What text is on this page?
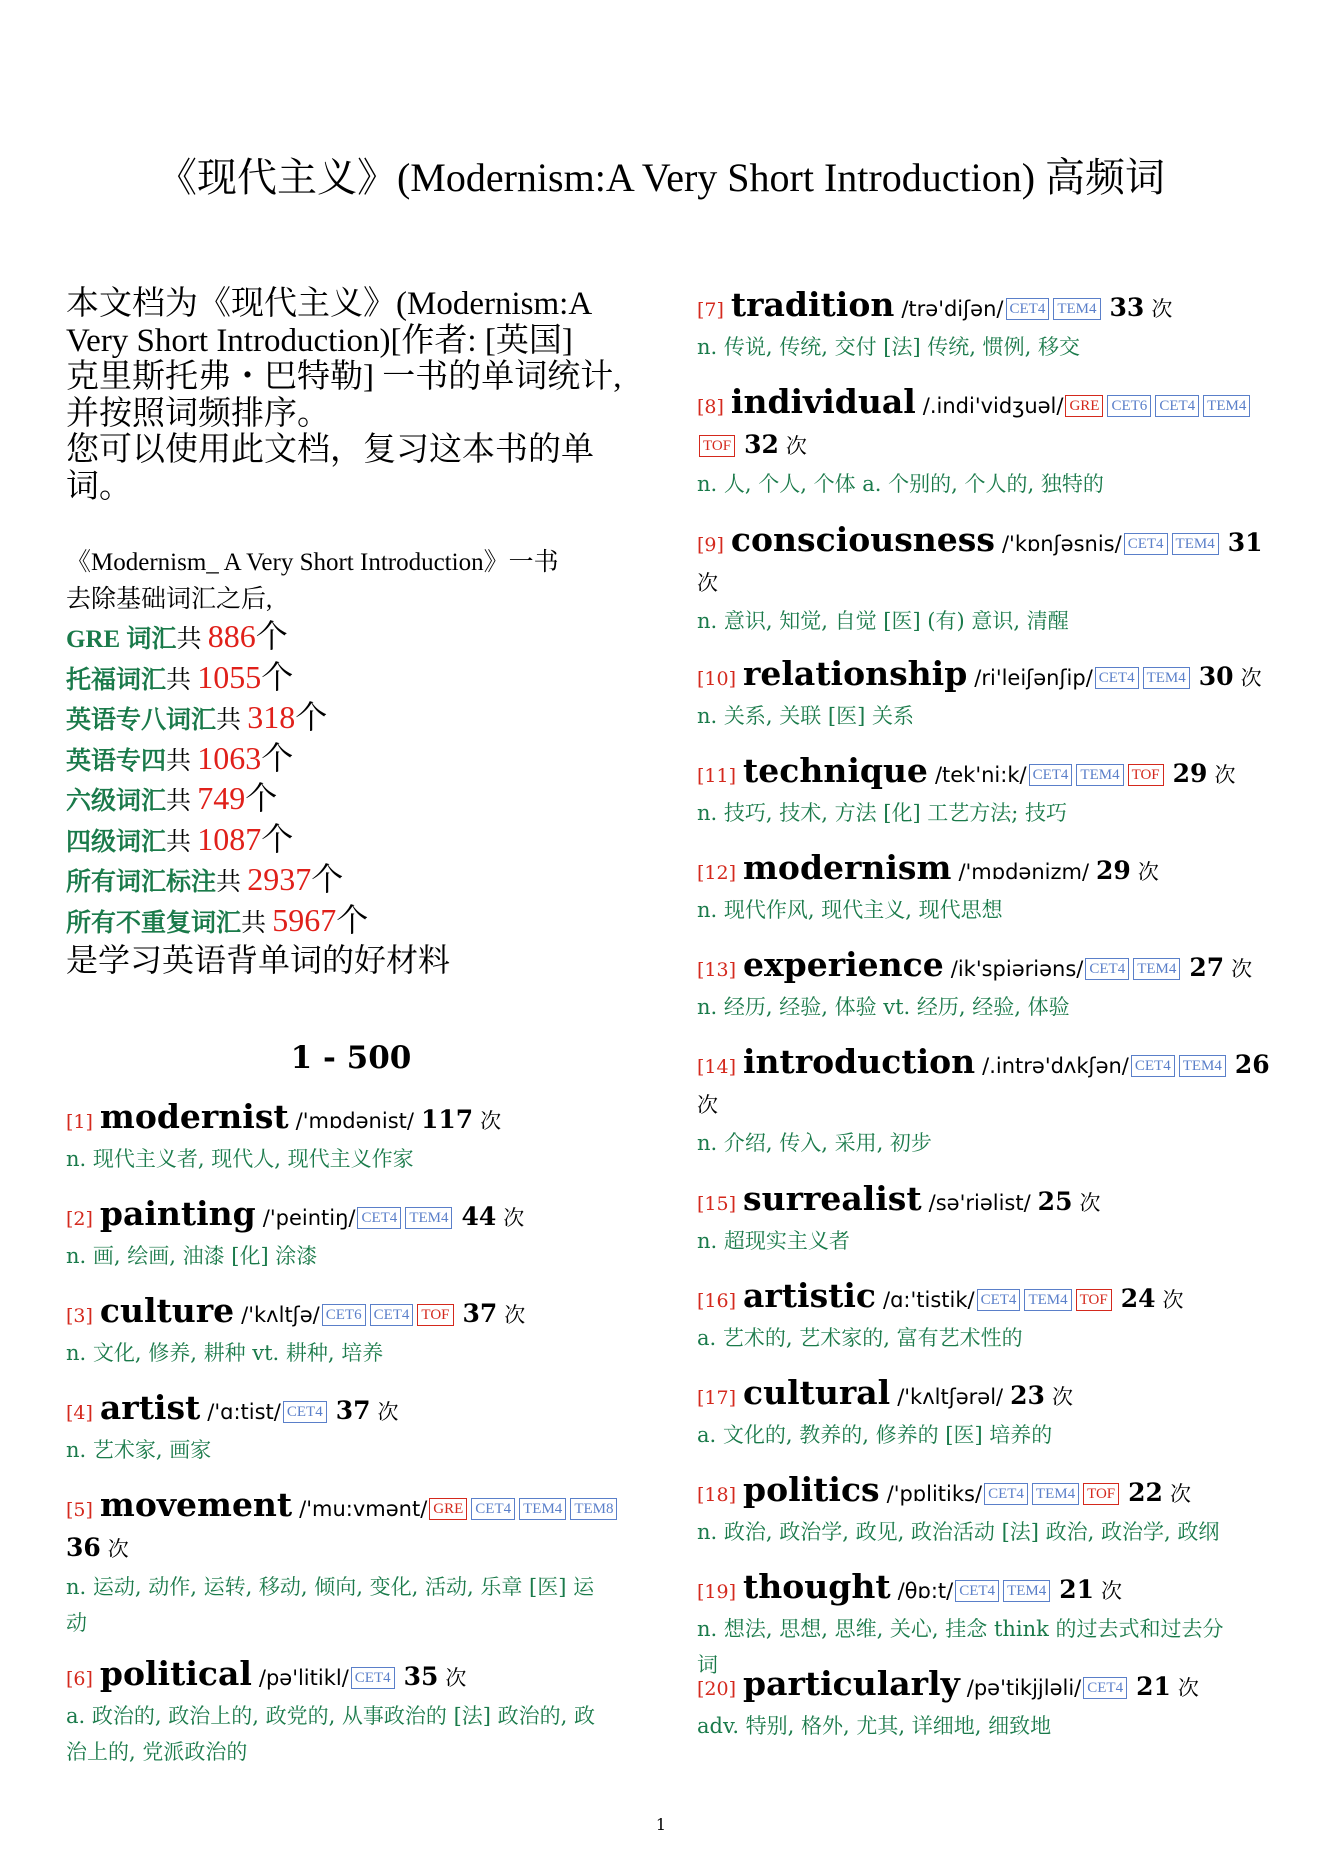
《现代主义》(Modernism:A Very Short Introduction) 高频词
本文档为《现代主义》(Modernism:A
Very Short Introduction)[作者: [英国]
克里斯托弗・巴特勒] 一书的单词统计,
并按照词频排序。
您可以使用此文档，复习这本书的单
词。
《Modernism_ A Very Short Introduction》一书
去除基础词汇之后,
GRE 词汇共 886个
托福词汇共 1055个
英语专八词汇共 318个
英语专四共 1063个
六级词汇共 749个
四级词汇共 1087个
所有词汇标注共 2937个
所有不重复词汇共 5967个
是学习英语背单词的好材料
1 - 500
[1] modernist /'mɒdənist/ 117 次
n. 现代主义者, 现代人, 现代主义作家
[2] painting /'peintiŋ/ CET4 TEM4 44 次
n. 画, 绘画, 油漆 [化] 涂漆
[3] culture /'kʌltʃə/ CET6 CET4 TOF 37 次
n. 文化, 修养, 耕种 vt. 耕种, 培养
[4] artist /'ɑ:tist/ CET4 37 次
n. 艺术家, 画家
[5] movement /'mu:vmənt/ GRE CET4 TEM4 TEM8 36 次
n. 运动, 动作, 运转, 移动, 倾向, 变化, 活动, 乐章 [医] 运
动
[6] political /pə'litikl/ CET4 35 次
a. 政治的, 政治上的, 政党的, 从事政治的 [法] 政治的, 政
治上的, 党派政治的
[7] tradition /trə'diʃən/ CET4 TEM4 33 次
n. 传说, 传统, 交付 [法] 传统, 惯例, 移交
[8] individual /.indi'vidʒuəl/ GRE CET6 CET4 TEM4TOF 32 次
n. 人, 个人, 个体 a. 个别的, 个人的, 独特的
[9] consciousness /'kɒnʃəsnis/ CET4 TEM4 31 次
n. 意识, 知觉, 自觉 [医] (有) 意识, 清醒
[10] relationship /ri'leiʃənʃip/ CET4 TEM4 30 次
n. 关系, 关联 [医] 关系
[11] technique /tek'ni:k/ CET4 TEM4 TOF 29 次
n. 技巧, 技术, 方法 [化] 工艺方法; 技巧
[12] modernism /'mɒdənizm/ 29 次
n. 现代作风, 现代主义, 现代思想
[13] experience /ik'spiəriəns/ CET4 TEM4 27 次
n. 经历, 经验, 体验 vt. 经历, 经验, 体验
[14] introduction /.intrə'dʌkʃən/ CET4 TEM4 26 次
n. 介绍, 传入, 采用, 初步
[15] surrealist /sə'riəlist/ 25 次
n. 超现实主义者
[16] artistic /ɑ:'tistik/ CET4 TEM4 TOF 24 次
a. 艺术的, 艺术家的, 富有艺术性的
[17] cultural /'kʌltʃərəl/ 23 次
a. 文化的, 教养的, 修养的 [医] 培养的
[18] politics /'pɒlitiks/ CET4 TEM4 TOF 22 次
n. 政治, 政治学, 政见, 政治活动 [法] 政治, 政治学, 政纲
[19] thought /θɒ:t/ CET4 TEM4 21 次
n. 想法, 思想, 思维, 关心, 挂念 think 的过去式和过去分
词
[20] particularly /pə'tikjjləli/ CET4 21 次
adv. 特别, 格外, 尤其, 详细地, 细致地
1
